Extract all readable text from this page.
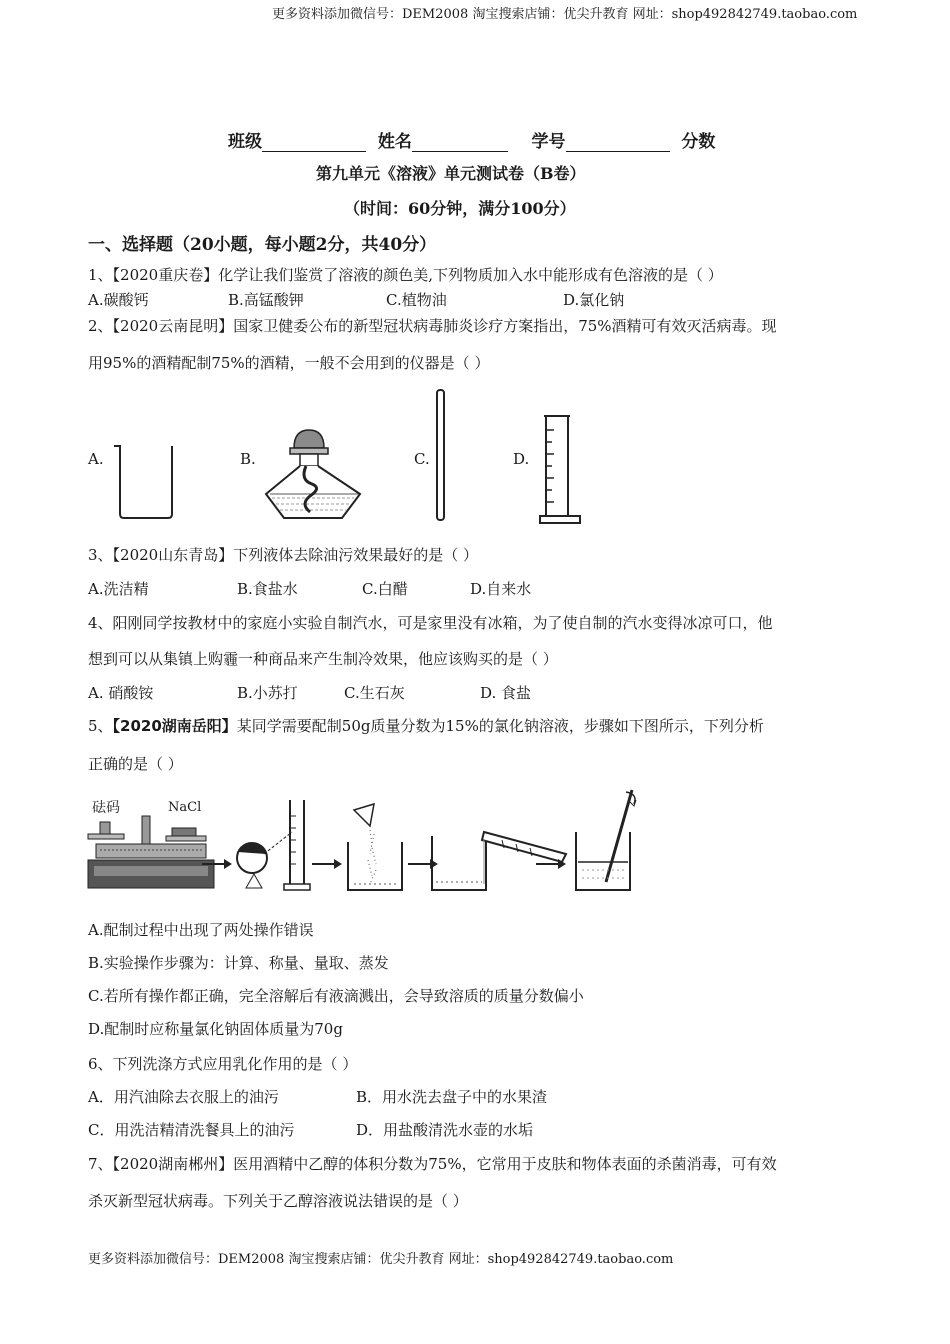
更多资料添加微信号：DEM2008 淘宝搜索店铺：优尖升教育 网址：shop492842749.taobao.com
班级	姓名	学号	分数
第九单元《溶液》单元测试卷（B卷）
（时间：60分钟，满分100分）
一、选择题（20小题，每小题2分，共40分）
1、【2020重庆卷】化学让我们鉴赏了溶液的颜色美,下列物质加入水中能形成有色溶液的是（ ）
A.碳酸钙	B.高锰酸钾	C.植物油	D.氯化钠
2、【2020云南昆明】国家卫健委公布的新型冠状病毒肺炎诊疗方案指出，75%酒精可有效灭活病毒。现
用95%的酒精配制75%的酒精，一般不会用到的仪器是（ ）
A.	B.	C.	D.
3、【2020山东青岛】下列液体去除油污效果最好的是（ ）
A.洗洁精	B.食盐水	C.白醋	D.自来水
4、阳刚同学按教材中的家庭小实验自制汽水，可是家里没有冰箱，为了使自制的汽水变得冰凉可口，他
想到可以从集镇上购霾一种商品来产生制冷效果，他应该购买的是（ ）
A. 硝酸铵	B.小苏打	C.生石灰	D. 食盐
5、【2020湖南岳阳】某同学需要配制50g质量分数为15%的氯化钠溶液，步骤如下图所示，下列分析
正确的是（ ）
砝码	NaCl
A.配制过程中出现了两处操作错误
B.实验操作步骤为：计算、称量、量取、蒸发
C.若所有操作都正确，完全溶解后有液滴溅出，会导致溶质的质量分数偏小
D.配制时应称量氯化钠固体质量为70g
6、下列洗涤方式应用乳化作用的是（ ）
A．用汽油除去衣服上的油污	B．用水洗去盘子中的水果渣
C．用洗洁精清洗餐具上的油污	D．用盐酸清洗水壶的水垢
7、【2020湖南郴州】医用酒精中乙醇的体积分数为75%，它常用于皮肤和物体表面的杀菌消毒，可有效
杀灭新型冠状病毒。下列关于乙醇溶液说法错误的是（ ）
更多资料添加微信号：DEM2008 淘宝搜索店铺：优尖升教育 网址：shop492842749.taobao.com
